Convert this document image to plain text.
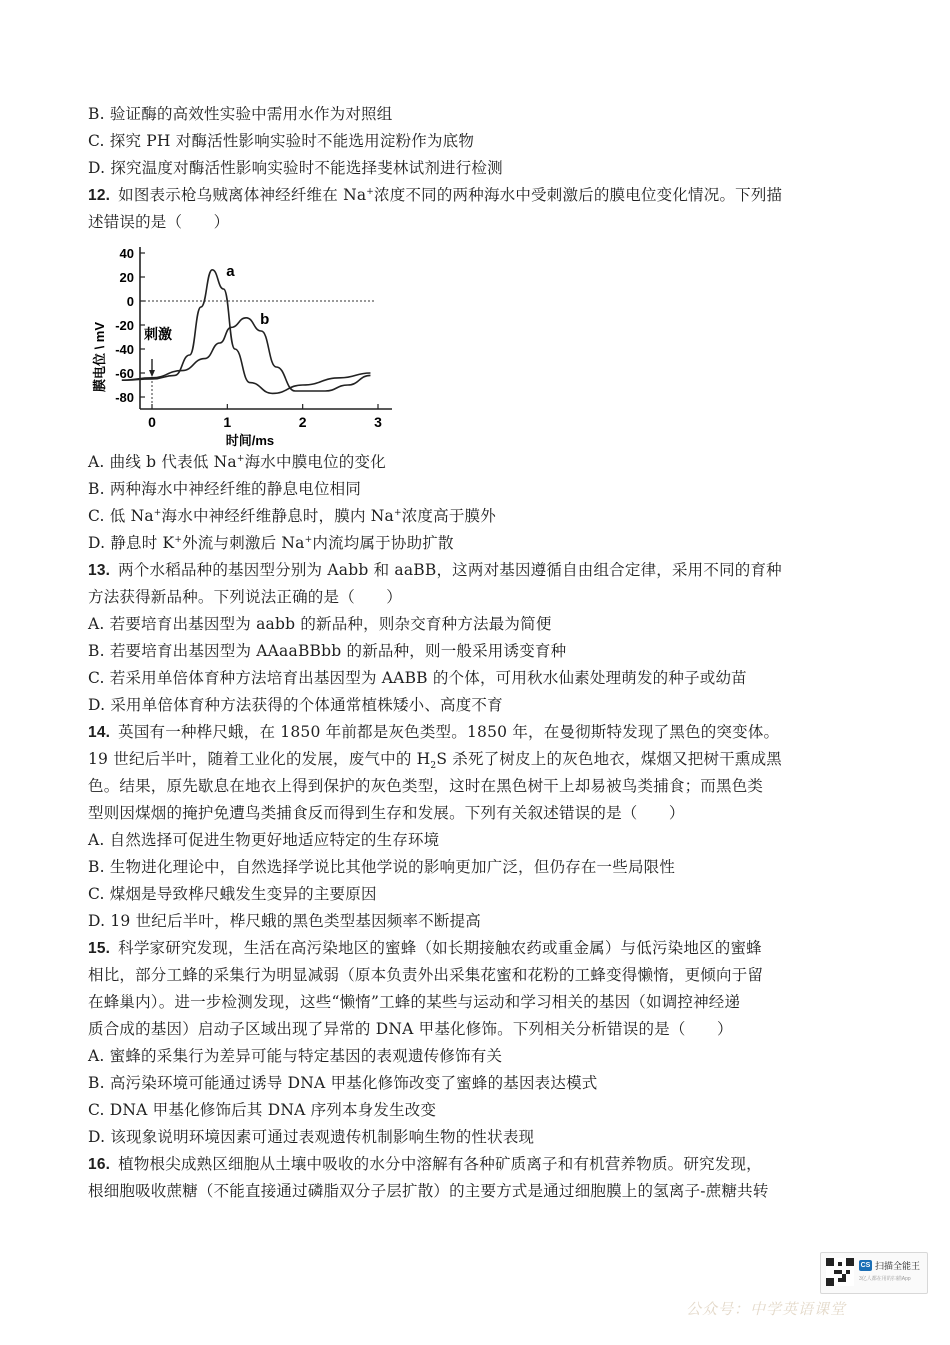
B. 验证酶的高效性实验中需用水作为对照组
C. 探究 PH 对酶活性影响实验时不能选用淀粉作为底物
D. 探究温度对酶活性影响实验时不能选择斐林试剂进行检测
12. 如图表示枪乌贼离体神经纤维在 Na+浓度不同的两种海水中受刺激后的膜电位变化情况。下列描
述错误的是（　　）
40
20
0
-20
-40
-60
-80
0	1	2	3
a
b
膜电位 \ mV
时间/ms
刺激
A. 曲线 b 代表低 Na+海水中膜电位的变化
B. 两种海水中神经纤维的静息电位相同
C. 低 Na+海水中神经纤维静息时，膜内 Na+浓度高于膜外
D. 静息时 K+外流与刺激后 Na+内流均属于协助扩散
13. 两个水稻品种的基因型分别为 Aabb 和 aaBB，这两对基因遵循自由组合定律，采用不同的育种
方法获得新品种。下列说法正确的是（　　）
A. 若要培育出基因型为 aabb 的新品种，则杂交育种方法最为简便
B. 若要培育出基因型为 AAaaBBbb 的新品种，则一般采用诱变育种
C. 若采用单倍体育种方法培育出基因型为 AABB 的个体，可用秋水仙素处理萌发的种子或幼苗
D. 采用单倍体育种方法获得的个体通常植株矮小、高度不育
14. 英国有一种桦尺蛾，在 1850 年前都是灰色类型。1850 年，在曼彻斯特发现了黑色的突变体。
19 世纪后半叶，随着工业化的发展，废气中的 $H_2S$ 杀死了树皮上的灰色地衣，煤烟又把树干熏成黑
色。结果，原先歇息在地衣上得到保护的灰色类型，这时在黑色树干上却易被鸟类捕食；而黑色类
型则因煤烟的掩护免遭鸟类捕食反而得到生存和发展。下列有关叙述错误的是（　　）
A. 自然选择可促进生物更好地适应特定的生存环境
B. 生物进化理论中，自然选择学说比其他学说的影响更加广泛，但仍存在一些局限性
C. 煤烟是导致桦尺蛾发生变异的主要原因
D. 19 世纪后半叶，桦尺蛾的黑色类型基因频率不断提高
15. 科学家研究发现，生活在高污染地区的蜜蜂（如长期接触农药或重金属）与低污染地区的蜜蜂
相比，部分工蜂的采集行为明显减弱（原本负责外出采集花蜜和花粉的工蜂变得懒惰，更倾向于留
在蜂巢内）。进一步检测发现，这些“懒惰”工蜂的某些与运动和学习相关的基因（如调控神经递
质合成的基因）启动子区域出现了异常的 DNA 甲基化修饰。下列相关分析错误的是（　　）
A. 蜜蜂的采集行为差异可能与特定基因的表观遗传修饰有关
B. 高污染环境可能通过诱导 DNA 甲基化修饰改变了蜜蜂的基因表达模式
C. DNA 甲基化修饰后其 DNA 序列本身发生改变
D. 该现象说明环境因素可通过表观遗传机制影响生物的性状表现
16. 植物根尖成熟区细胞从土壤中吸收的水分中溶解有各种矿质离子和有机营养物质。研究发现，
根细胞吸收蔗糖（不能直接通过磷脂双分子层扩散）的主要方式是通过细胞膜上的氢离子-蔗糖共转
CS 扫描全能王
3亿人都在用的扫描App
公众号：中学英语课堂
